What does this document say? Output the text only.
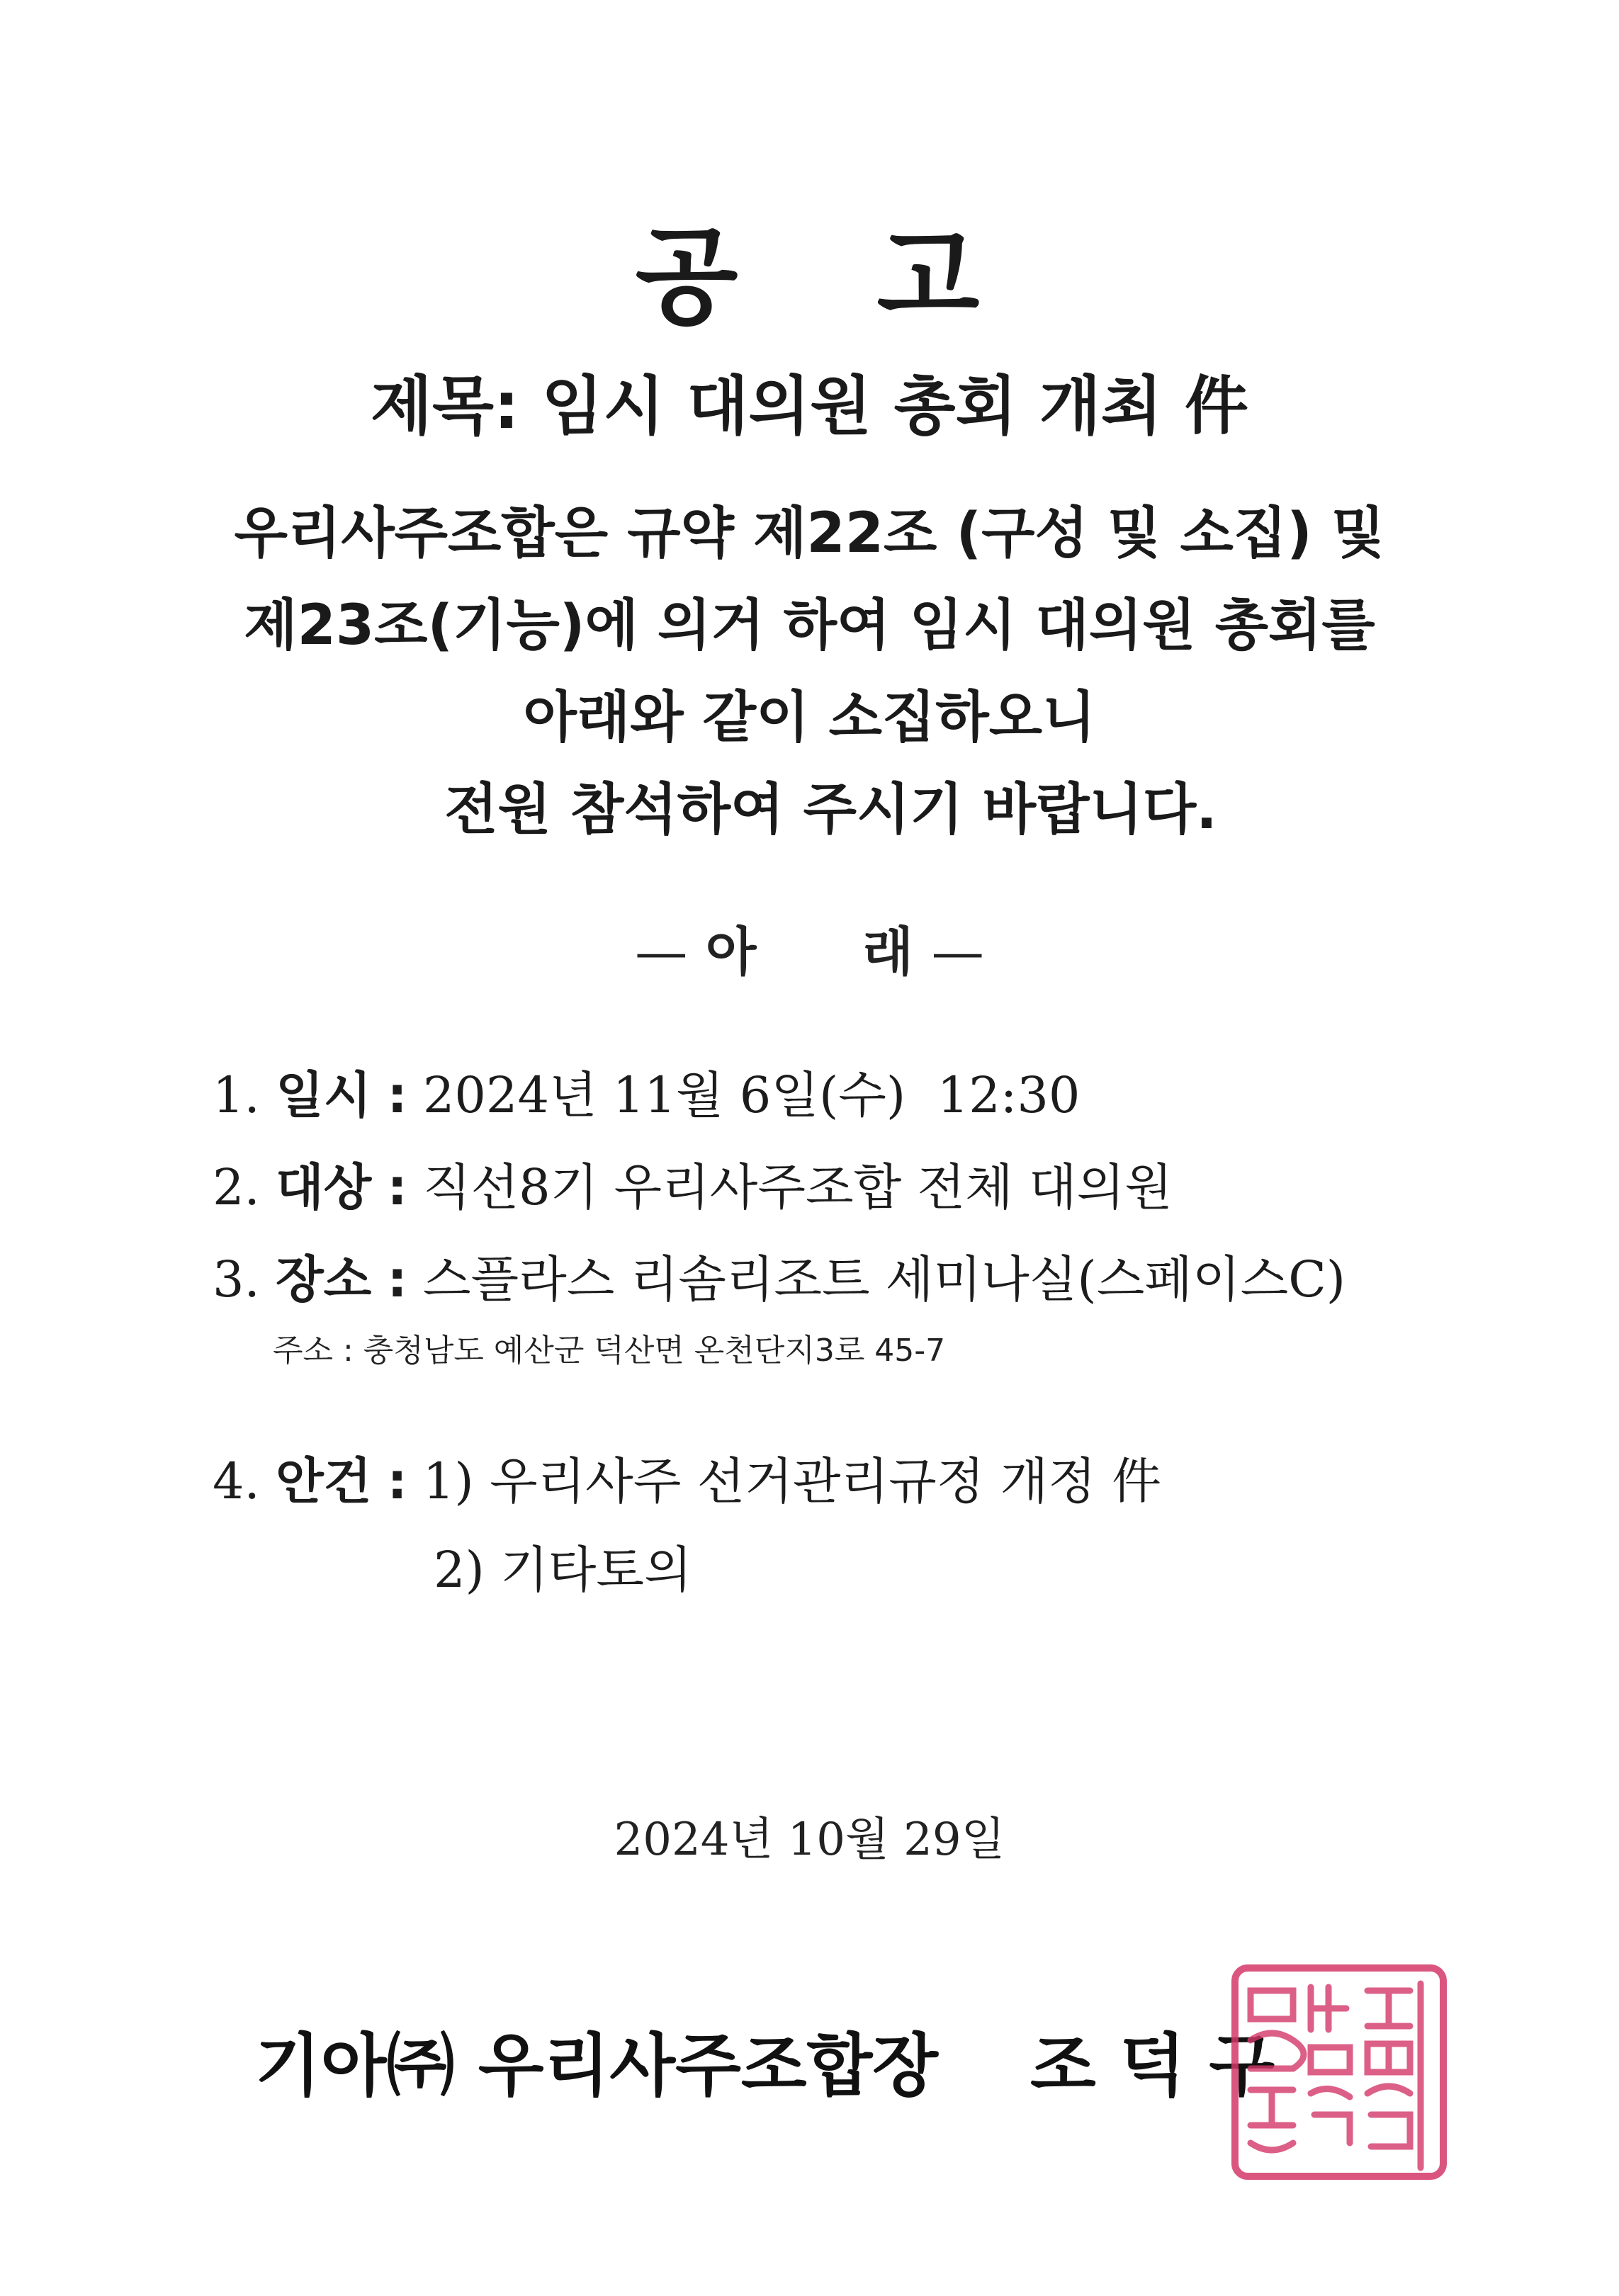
공 고
제목: 임시 대의원 총회 개최 件
우리사주조합은 규약 제22조 (구성 및 소집) 및
제23조(기능)에 의거 하여 임시 대의원 총회를
아래와 같이 소집하오니
전원 참석하여 주시기 바랍니다.
— 아 래 —
1. 일시 : 2024년 11월 6일(수)  12:30
2. 대상 : 직선8기 우리사주조합 전체 대의원
3. 장소 : 스플라스 리솜리조트 세미나실(스페이스C)
주소 : 충청남도 예산군 덕산면 온천단지3로 45-7
4. 안건 : 1) 우리사주 선거관리규정 개정 件
2) 기타토의
2024년 10월 29일
기아㈜ 우리사주조합장 조 덕 구
